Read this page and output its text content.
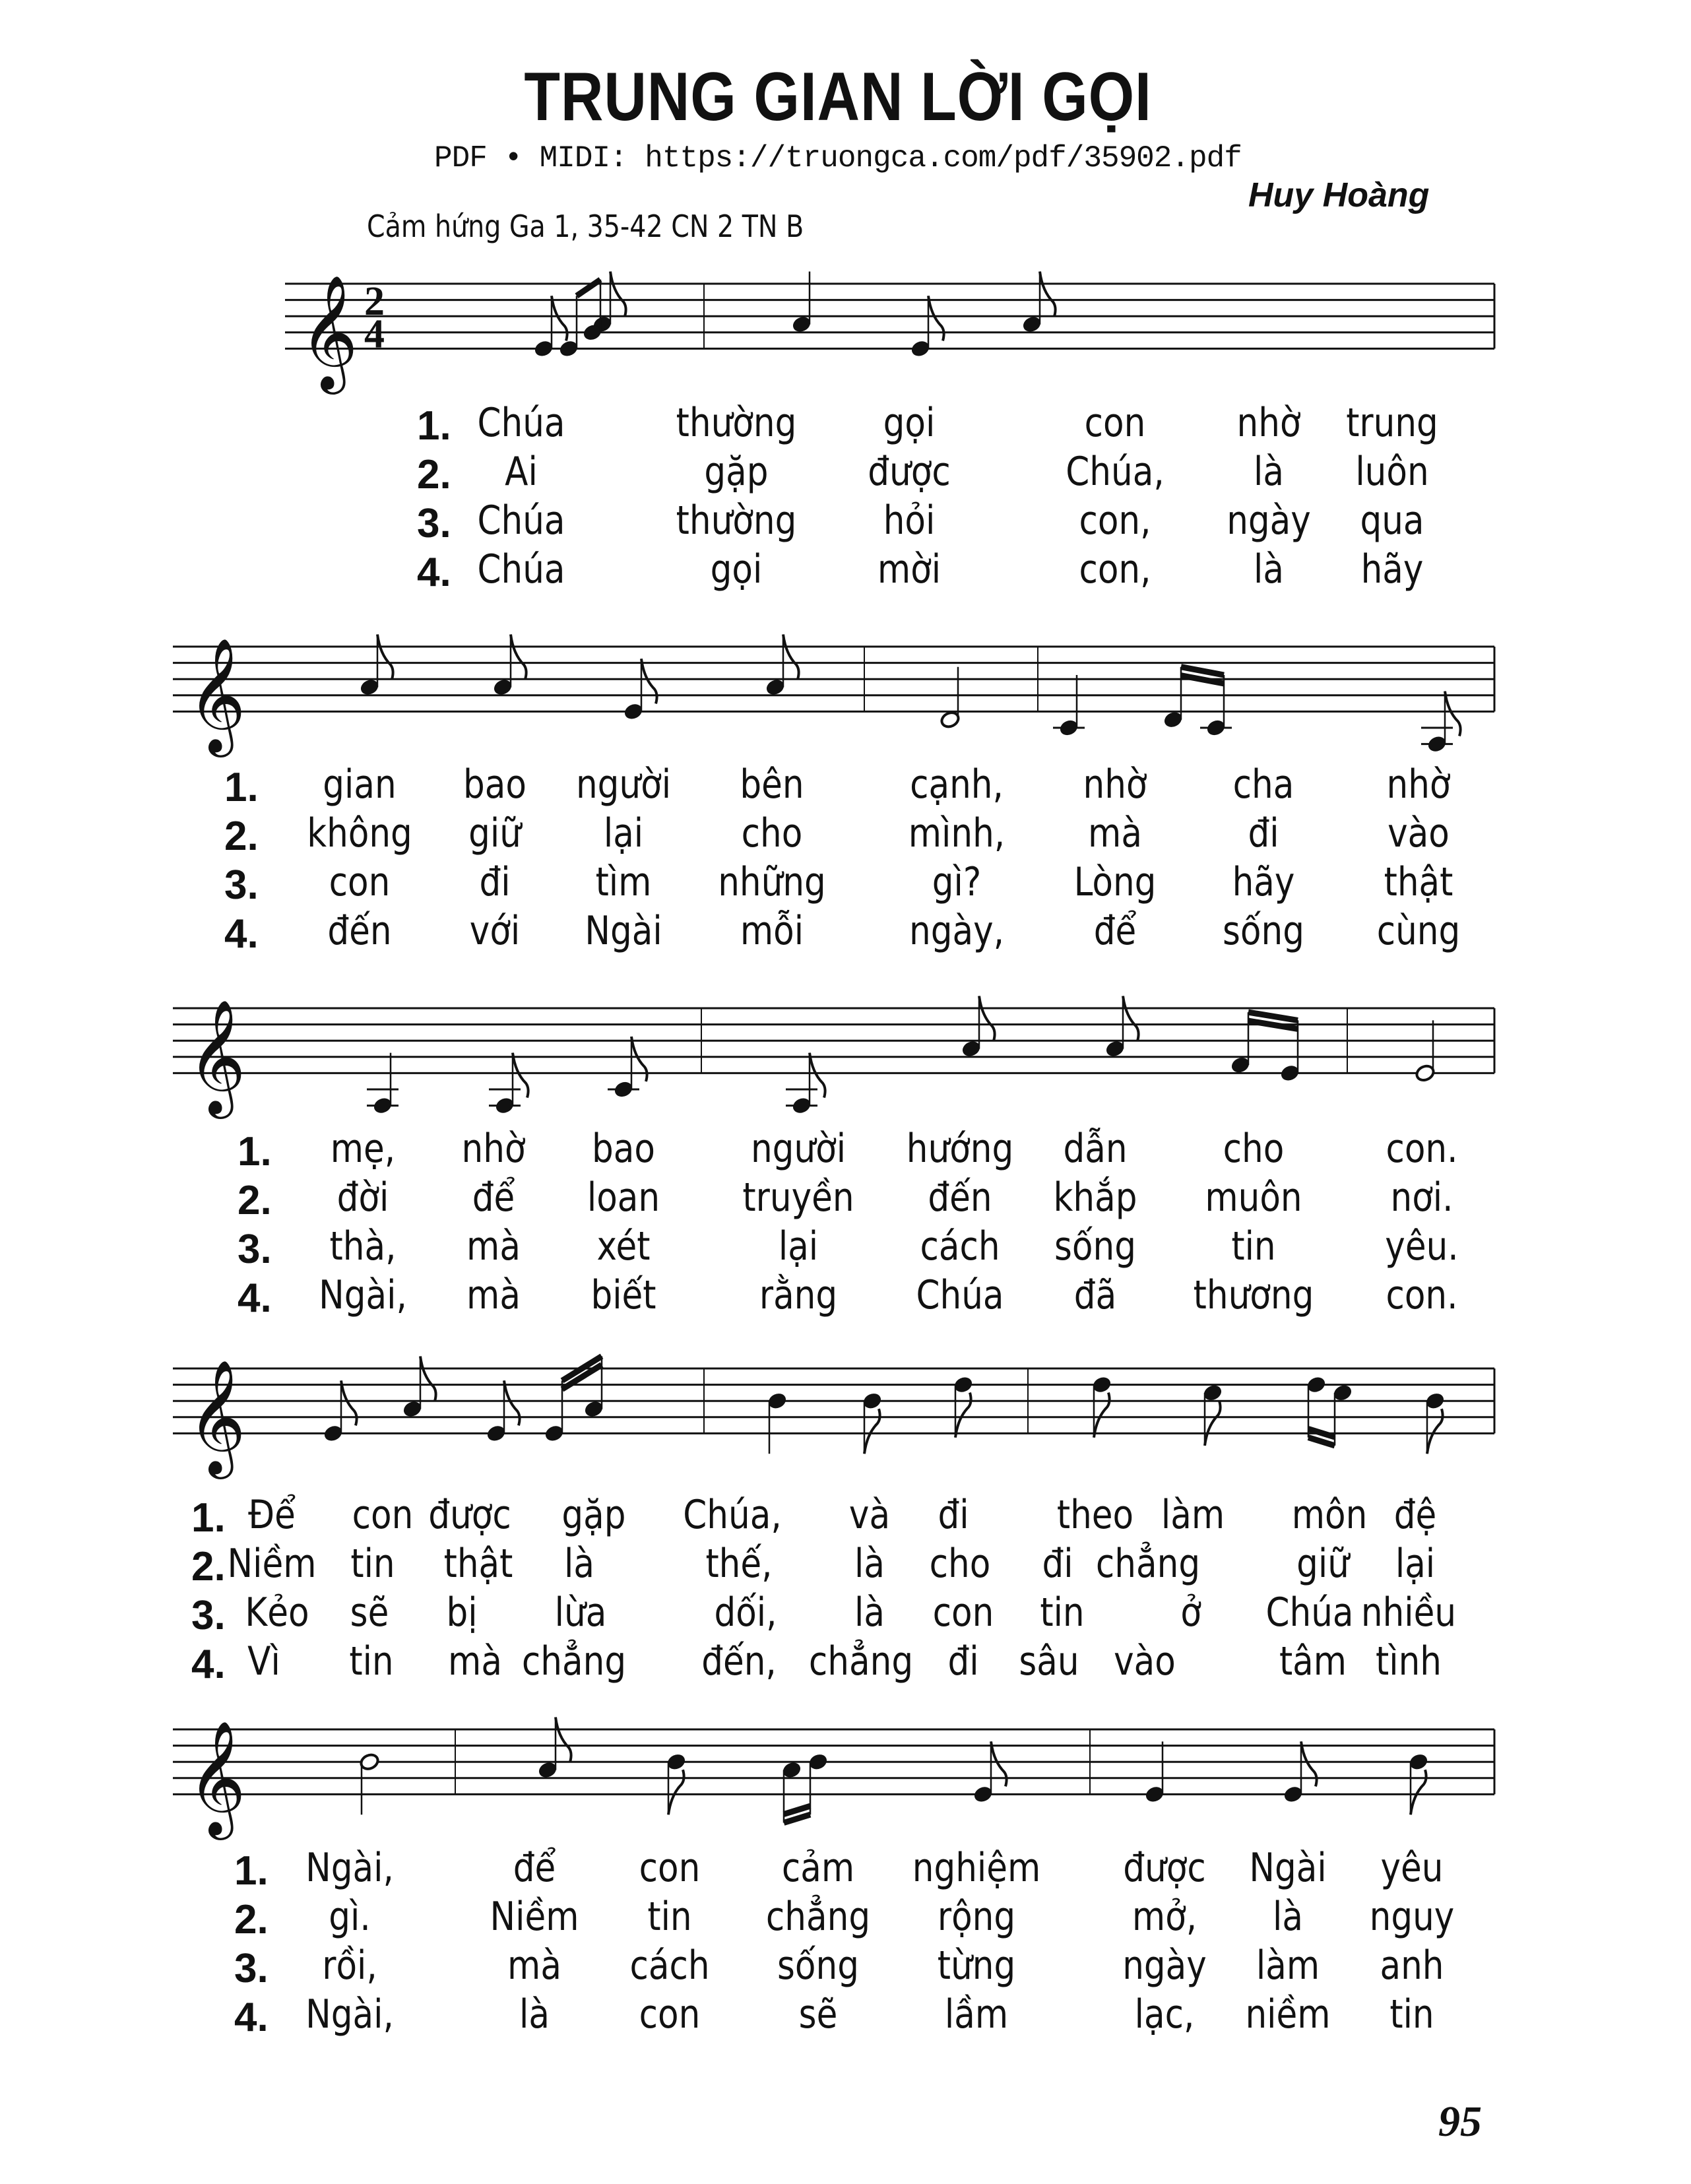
TRUNG GIAN LỜI GỌI
PDF • MIDI: https://truongca.com/pdf/35902.pdf
Huy Hoàng
Cảm hứng Ga 1, 35-42 CN 2 TN B
𝄞 2
4
1. Chúa	thường gọi	con nhờ trung
2. Ai	gặp	được	Chúa, là luôn
3. Chúa	thường hỏi	con, ngày qua
4. Chúa	gọi	mời	con,	là hãy
𝄞
1. gian bao người bên	cạnh, nhờ cha nhờ
2. không giữ lại cho	mình, mà	đi	vào
3. con đi tìm những	gì? Lòng hãy thật
4. đến với Ngài mỗi	ngày, để sống cùng
𝄞
1. mẹ, nhờ bao người hướng dẫn cho	con.
2. đời để loan truyền đến khắp muôn nơi.
3. thà, mà xét	lại	cách sống tin	yêu.
4. Ngài, mà biết	rằng Chúa đã thương con.
𝄞
1. Để con được gặp Chúa, và đi theo làm môn đệ
2. Niềm tin thật là	thế, là cho đi chẳng giữ lại
3. Kẻo sẽ bị lừa	dối, là con tin ở Chúa nhiều
4. Vì tin mà chẳng đến, chẳng đi sâu vào	tâm tình
𝄞
1. Ngài,	để con cảm nghiệm được Ngài yêu
2. gì.	Niềm tin chẳng rộng	mở, là nguy
3. rồi,	mà cách sống từng	ngày làm anh
4. Ngài,	là con sẽ	lầm	lạc, niềm tin
95
